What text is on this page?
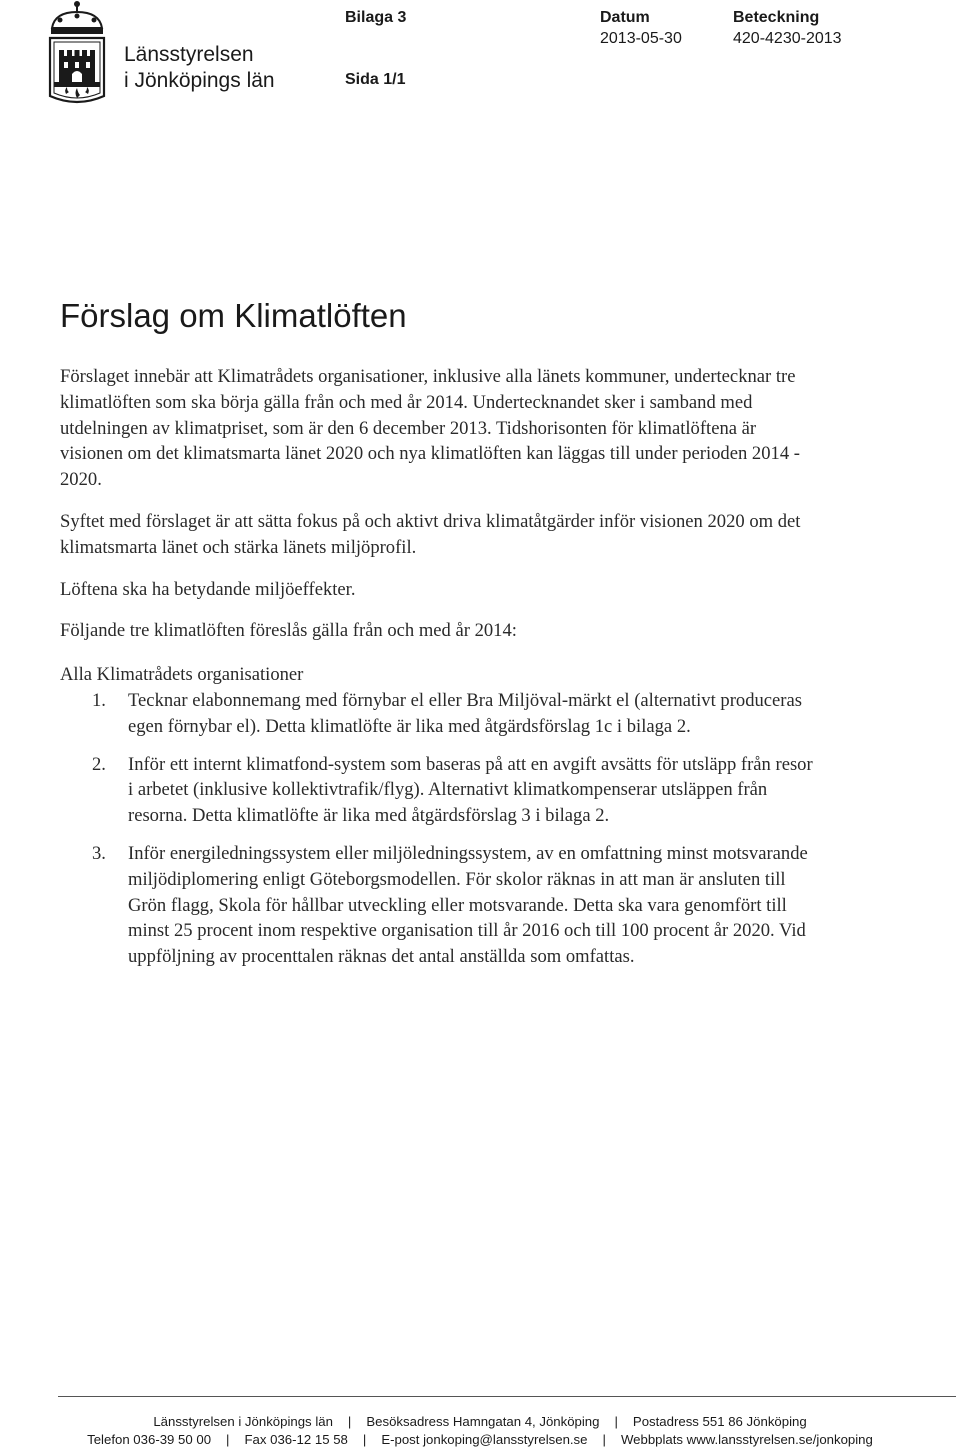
Länsstyrelsen
i Jönköpings län
Bilaga 3
Sida 1/1
Datum
2013-05-30
Beteckning
420-4230-2013
Förslag om Klimatlöften

Förslaget innebär att Klimatrådets organisationer, inklusive alla länets kommuner, undertecknar tre klimatlöften som ska börja gälla från och med år 2014. Undertecknandet sker i samband med utdelningen av klimatpriset, som är den 6 december 2013. Tidshorisonten för klimatlöftena är visionen om det klimatsmarta länet 2020 och nya klimatlöften kan läggas till under perioden 2014 - 2020.

Syftet med förslaget är att sätta fokus på och aktivt driva klimatåtgärder inför visionen 2020 om det klimatsmarta länet och stärka länets miljöprofil.

Löftena ska ha betydande miljöeffekter.

Följande tre klimatlöften föreslås gälla från och med år 2014:

Alla Klimatrådets organisationer

1. Tecknar elabonnemang med förnybar el eller Bra Miljöval-märkt el (alternativt produceras egen förnybar el). Detta klimatlöfte är lika med åtgärdsförslag 1c i bilaga 2.
2. Inför ett internt klimatfond-system som baseras på att en avgift avsätts för utsläpp från resor i arbetet (inklusive kollektivtrafik/flyg). Alternativt klimatkompenserar utsläppen från resorna. Detta klimatlöfte är lika med åtgärdsförslag 3 i bilaga 2.
3. Inför energiledningssystem eller miljöledningssystem, av en omfattning minst motsvarande miljödiplomering enligt Göteborgsmodellen. För skolor räknas in att man är ansluten till Grön flagg, Skola för hållbar utveckling eller motsvarande. Detta ska vara genomfört till minst 25 procent inom respektive organisation till år 2016 och till 100 procent år 2020. Vid uppföljning av procenttalen räknas det antal anställda som omfattas.
Länsstyrelsen i Jönköpings län | Besöksadress Hamngatan 4, Jönköping | Postadress 551 86 Jönköping
Telefon 036-39 50 00 | Fax 036-12 15 58 | E-post jonkoping@lansstyrelsen.se | Webbplats www.lansstyrelsen.se/jonkoping
